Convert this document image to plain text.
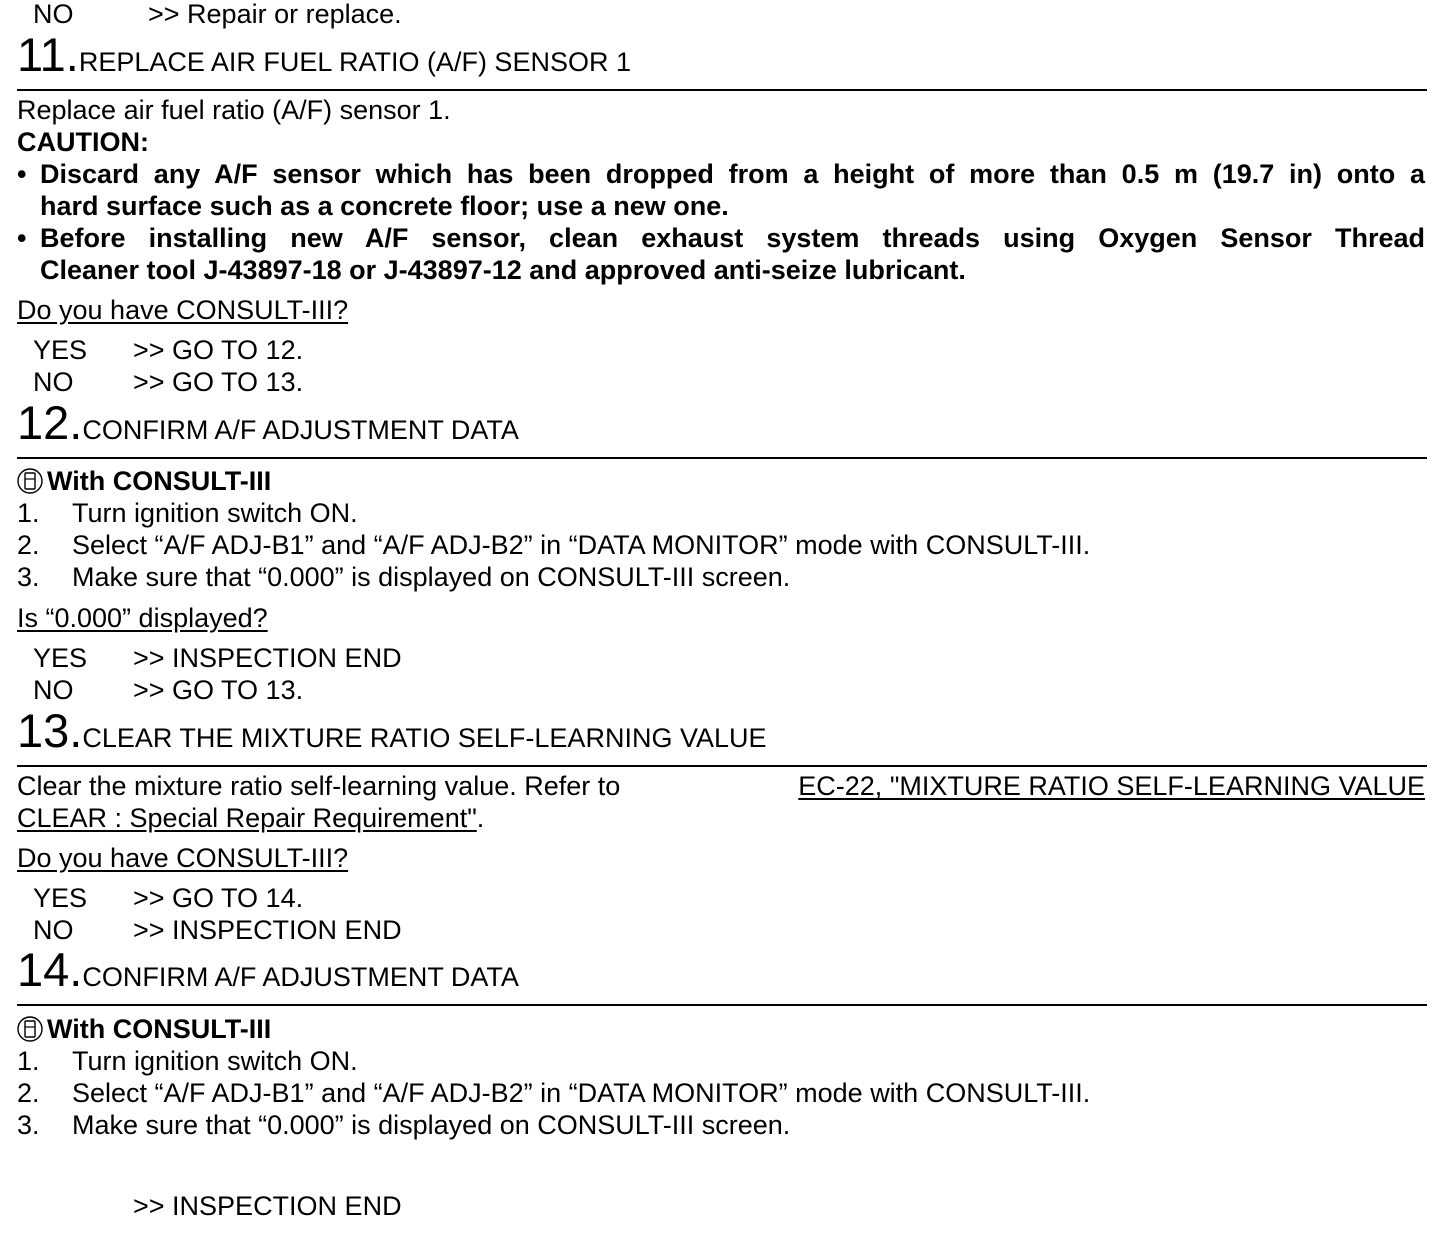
NO	>> Repair or replace.
11.REPLACE AIR FUEL RATIO (A/F) SENSOR 1
Replace air fuel ratio (A/F) sensor 1.
CAUTION:
• Discard any A/F sensor which has been dropped from a height of more than 0.5 m (19.7 in) onto a
hard surface such as a concrete floor; use a new one.
• Before installing new A/F sensor, clean exhaust system threads using Oxygen Sensor Thread
Cleaner tool J-43897-18 or J-43897-12 and approved anti-seize lubricant.
Do you have CONSULT-III?
YES >> GO TO 12.
NO >> GO TO 13.
12.CONFIRM A/F ADJUSTMENT DATA
With CONSULT-III
1. Turn ignition switch ON.
2. Select “A/F ADJ-B1” and “A/F ADJ-B2” in “DATA MONITOR” mode with CONSULT-III.
3. Make sure that “0.000” is displayed on CONSULT-III screen.
Is “0.000” displayed?
YES >> INSPECTION END
NO >> GO TO 13.
13.CLEAR THE MIXTURE RATIO SELF-LEARNING VALUE
Clear the mixture ratio self-learning value. Refer to	EC-22, "MIXTURE RATIO SELF-LEARNING VALUE
CLEAR : Special Repair Requirement".
Do you have CONSULT-III?
YES >> GO TO 14.
NO >> INSPECTION END
14.CONFIRM A/F ADJUSTMENT DATA
With CONSULT-III
1. Turn ignition switch ON.
2. Select “A/F ADJ-B1” and “A/F ADJ-B2” in “DATA MONITOR” mode with CONSULT-III.
3. Make sure that “0.000” is displayed on CONSULT-III screen.
>> INSPECTION END
